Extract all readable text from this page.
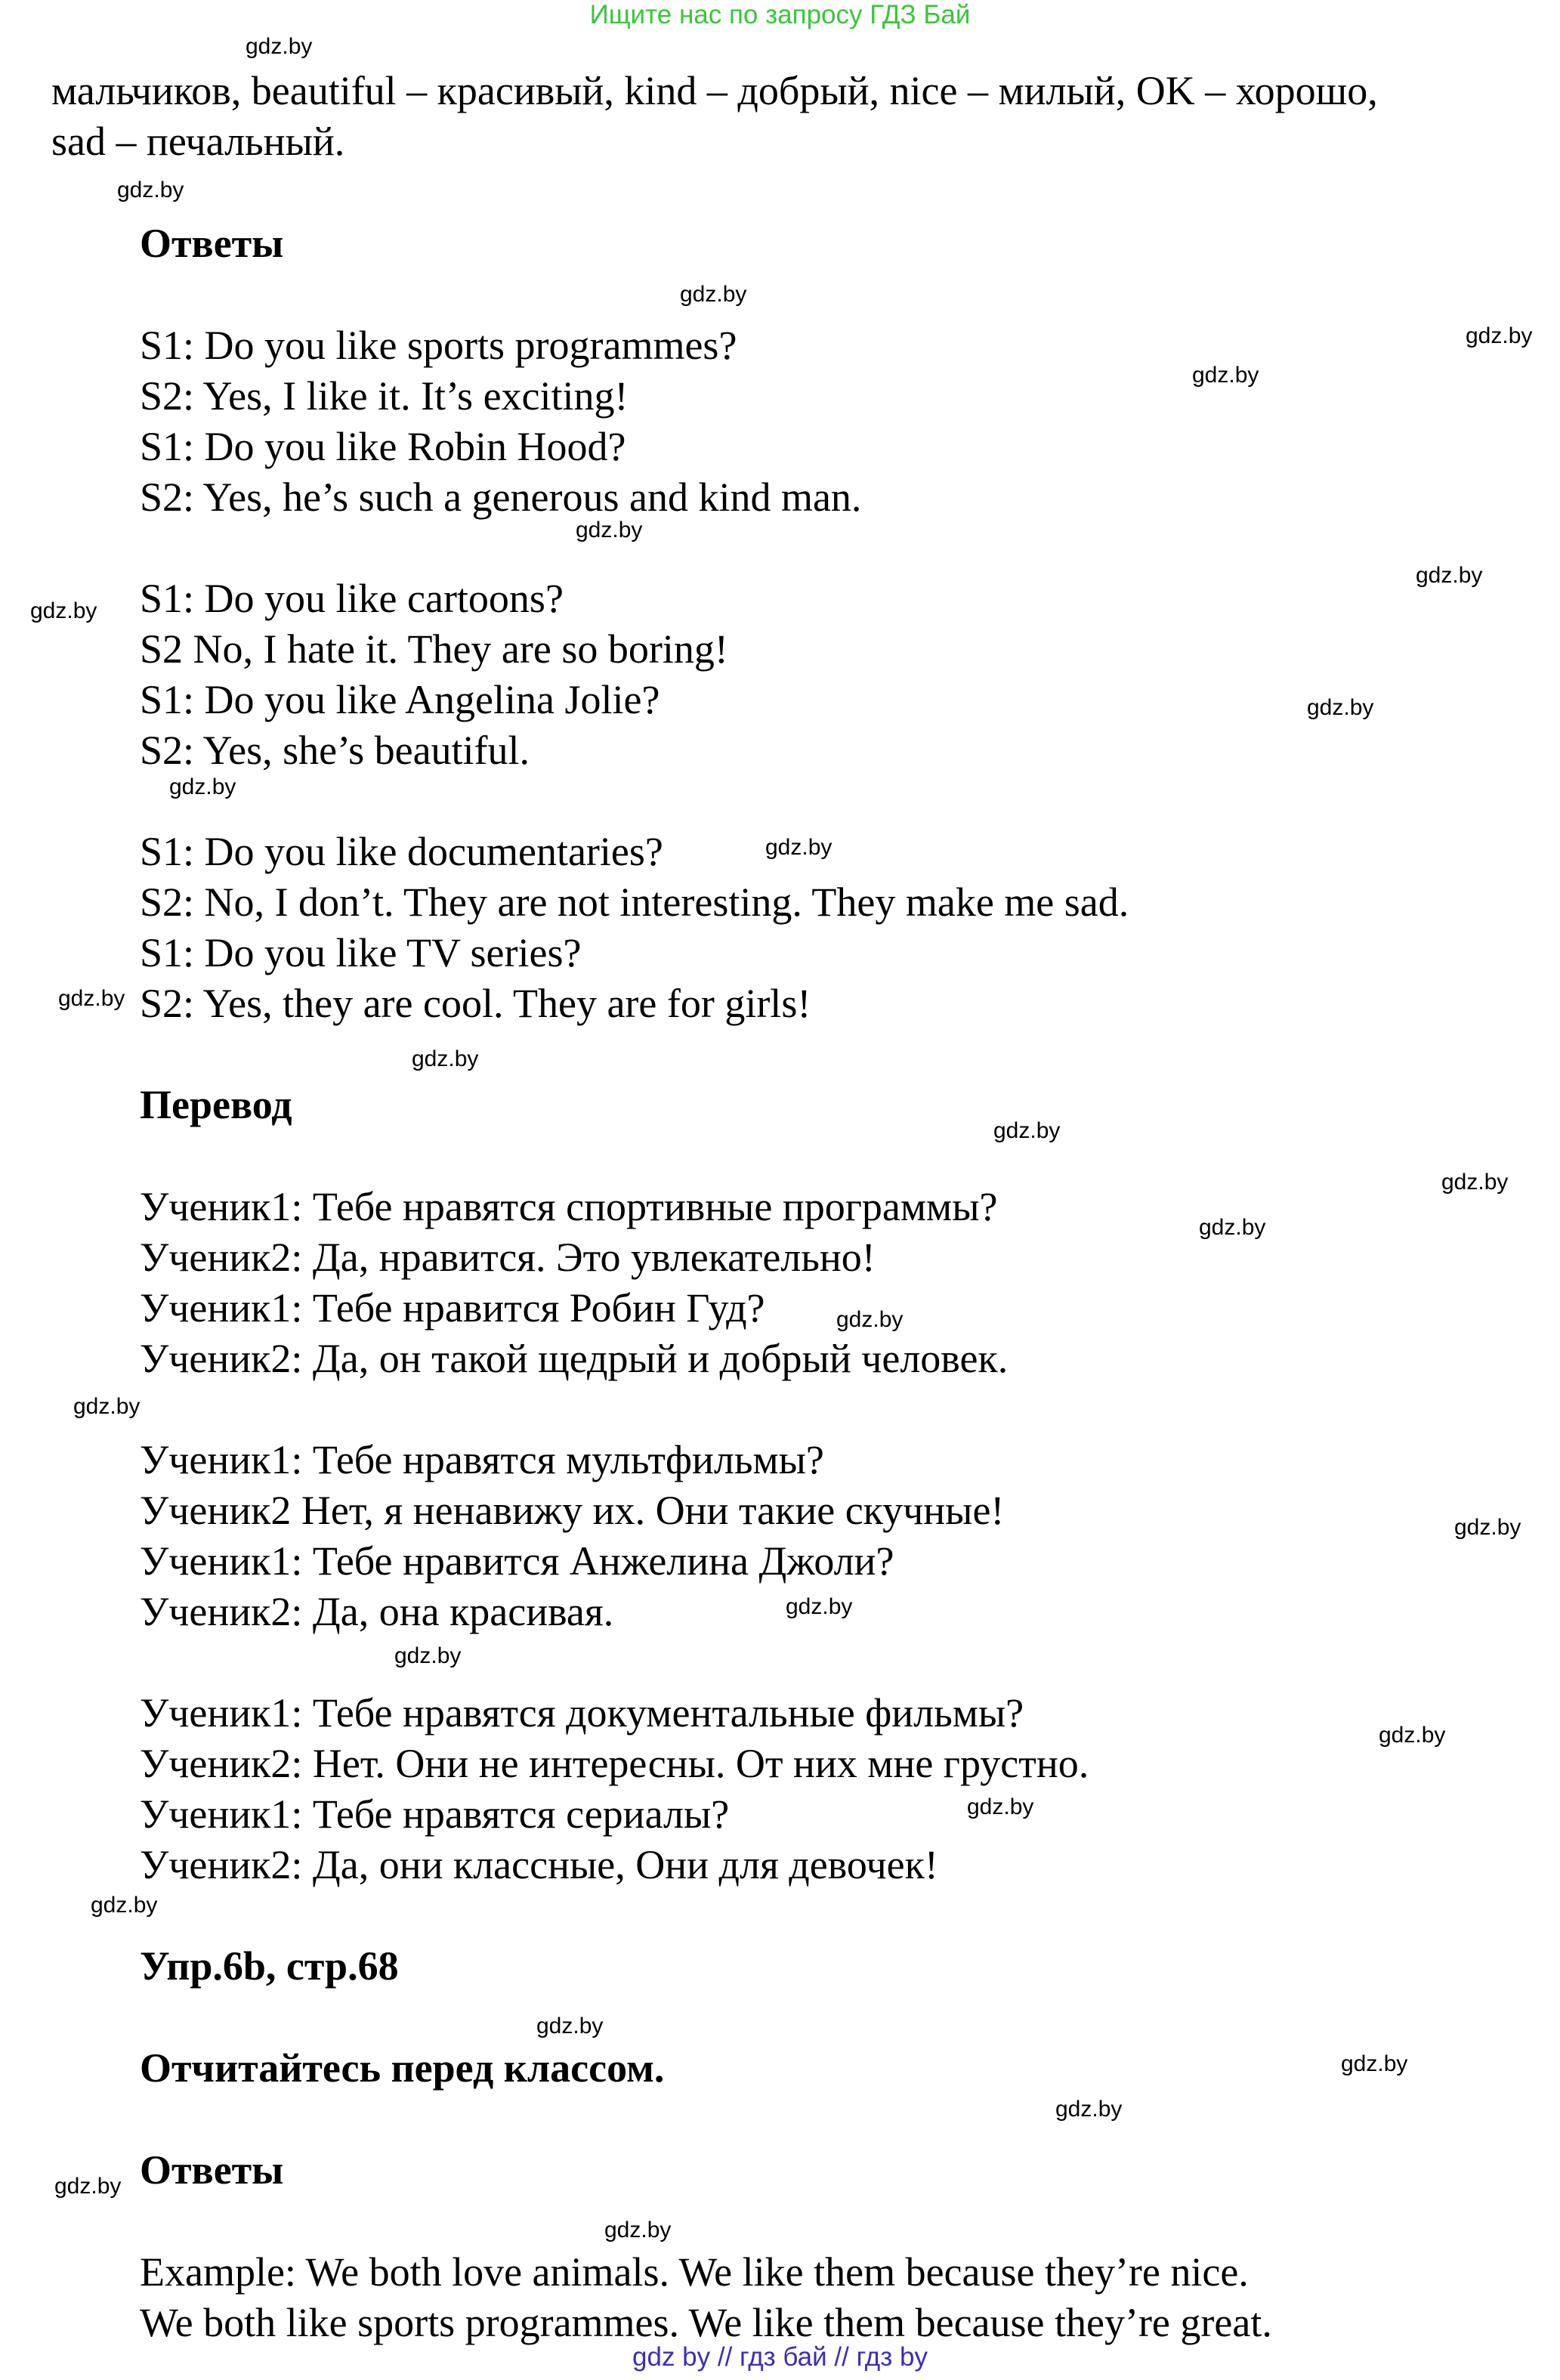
Ищите нас по запросу ГДЗ Бай
gdz.by
gdz.by
gdz.by
gdz.by
gdz.by
gdz.by
gdz.by
gdz.by
gdz.by
gdz.by
gdz.by
gdz.by
gdz.by
gdz.by
gdz.by
gdz.by
gdz.by
gdz.by
gdz.by
gdz.by
gdz.by
gdz.by
gdz.by
gdz.by
gdz.by
gdz.by
gdz.by
gdz.by
gdz.by
мальчиков, beautiful – красивый, kind – добрый, nice – милый, OK – хорошо,
sad – печальный.
Ответы
S1: Do you like sports programmes?
S2: Yes, I like it. It’s exciting!
S1: Do you like Robin Hood?
S2: Yes, he’s such a generous and kind man.
S1: Do you like cartoons?
S2 No, I hate it. They are so boring!
S1: Do you like Angelina Jolie?
S2: Yes, she’s beautiful.
S1: Do you like documentaries?
S2: No, I don’t. They are not interesting. They make me sad.
S1: Do you like TV series?
S2: Yes, they are cool. They are for girls!
Перевод
Ученик1: Тебе нравятся спортивные программы?
Ученик2: Да, нравится. Это увлекательно!
Ученик1: Тебе нравится Робин Гуд?
Ученик2: Да, он такой щедрый и добрый человек.
Ученик1: Тебе нравятся мультфильмы?
Ученик2 Нет, я ненавижу их. Они такие скучные!
Ученик1: Тебе нравится Анжелина Джоли?
Ученик2: Да, она красивая.
Ученик1: Тебе нравятся документальные фильмы?
Ученик2: Нет. Они не интересны. От них мне грустно.
Ученик1: Тебе нравятся сериалы?
Ученик2: Да, они классные, Они для девочек!
Упр.6b, стр.68
Отчитайтесь перед классом.
Ответы
Example: We both love animals. We like them because they’re nice.
We both like sports programmes. We like them because they’re great.
gdz by // гдз бай // гдз by
